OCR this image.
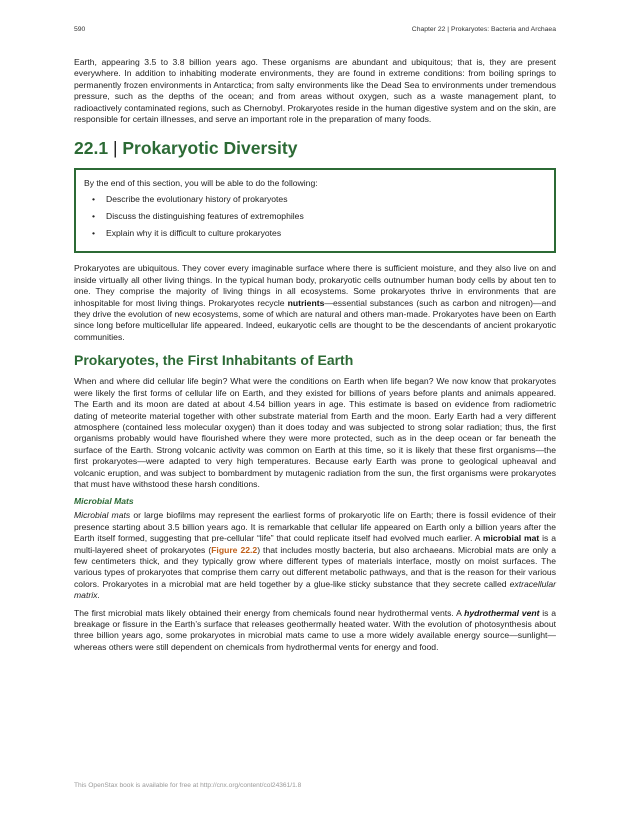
590	Chapter 22 | Prokaryotes: Bacteria and Archaea

Earth, appearing 3.5 to 3.8 billion years ago. These organisms are abundant and ubiquitous; that is, they are present everywhere. In addition to inhabiting moderate environments, they are found in extreme conditions: from boiling springs to permanently frozen environments in Antarctica; from salty environments like the Dead Sea to environments under tremendous pressure, such as the depths of the ocean; and from areas without oxygen, such as a waste management plant, to radioactively contaminated regions, such as Chernobyl. Prokaryotes reside in the human digestive system and on the skin, are responsible for certain illnesses, and serve an important role in the preparation of many foods.

22.1 | Prokaryotic Diversity
By the end of this section, you will be able to do the following:
• Describe the evolutionary history of prokaryotes
• Discuss the distinguishing features of extremophiles
• Explain why it is difficult to culture prokaryotes

Prokaryotes are ubiquitous. They cover every imaginable surface where there is sufficient moisture, and they also live on and inside virtually all other living things. In the typical human body, prokaryotic cells outnumber human body cells by about ten to one. They comprise the majority of living things in all ecosystems. Some prokaryotes thrive in environments that are inhospitable for most living things. Prokaryotes recycle nutrients—essential substances (such as carbon and nitrogen)—and they drive the evolution of new ecosystems, some of which are natural and others man-made. Prokaryotes have been on Earth since long before multicellular life appeared. Indeed, eukaryotic cells are thought to be the descendants of ancient prokaryotic communities.

Prokaryotes, the First Inhabitants of Earth

When and where did cellular life begin? What were the conditions on Earth when life began? We now know that prokaryotes were likely the first forms of cellular life on Earth, and they existed for billions of years before plants and animals appeared. The Earth and its moon are dated at about 4.54 billion years in age. This estimate is based on evidence from radiometric dating of meteorite material together with other substrate material from Earth and the moon. Early Earth had a very different atmosphere (contained less molecular oxygen) than it does today and was subjected to strong solar radiation; thus, the first organisms probably would have flourished where they were more protected, such as in the deep ocean or far beneath the surface of the Earth. Strong volcanic activity was common on Earth at this time, so it is likely that these first organisms—the first prokaryotes—were adapted to very high temperatures. Because early Earth was prone to geological upheaval and volcanic eruption, and was subject to bombardment by mutagenic radiation from the sun, the first organisms were prokaryotes that must have withstood these harsh conditions.

Microbial Mats

Microbial mats or large biofilms may represent the earliest forms of prokaryotic life on Earth; there is fossil evidence of their presence starting about 3.5 billion years ago. It is remarkable that cellular life appeared on Earth only a billion years after the Earth itself formed, suggesting that pre-cellular “life” that could replicate itself had evolved much earlier. A microbial mat is a multi-layered sheet of prokaryotes (Figure 22.2) that includes mostly bacteria, but also archaeans. Microbial mats are only a few centimeters thick, and they typically grow where different types of materials interface, mostly on moist surfaces. The various types of prokaryotes that comprise them carry out different metabolic pathways, and that is the reason for their various colors. Prokaryotes in a microbial mat are held together by a glue-like sticky substance that they secrete called extracellular matrix.

The first microbial mats likely obtained their energy from chemicals found near hydrothermal vents. A hydrothermal vent is a breakage or fissure in the Earth’s surface that releases geothermally heated water. With the evolution of photosynthesis about three billion years ago, some prokaryotes in microbial mats came to use a more widely available energy source—sunlight—whereas others were still dependent on chemicals from hydrothermal vents for energy and food.

This OpenStax book is available for free at http://cnx.org/content/col24361/1.8
